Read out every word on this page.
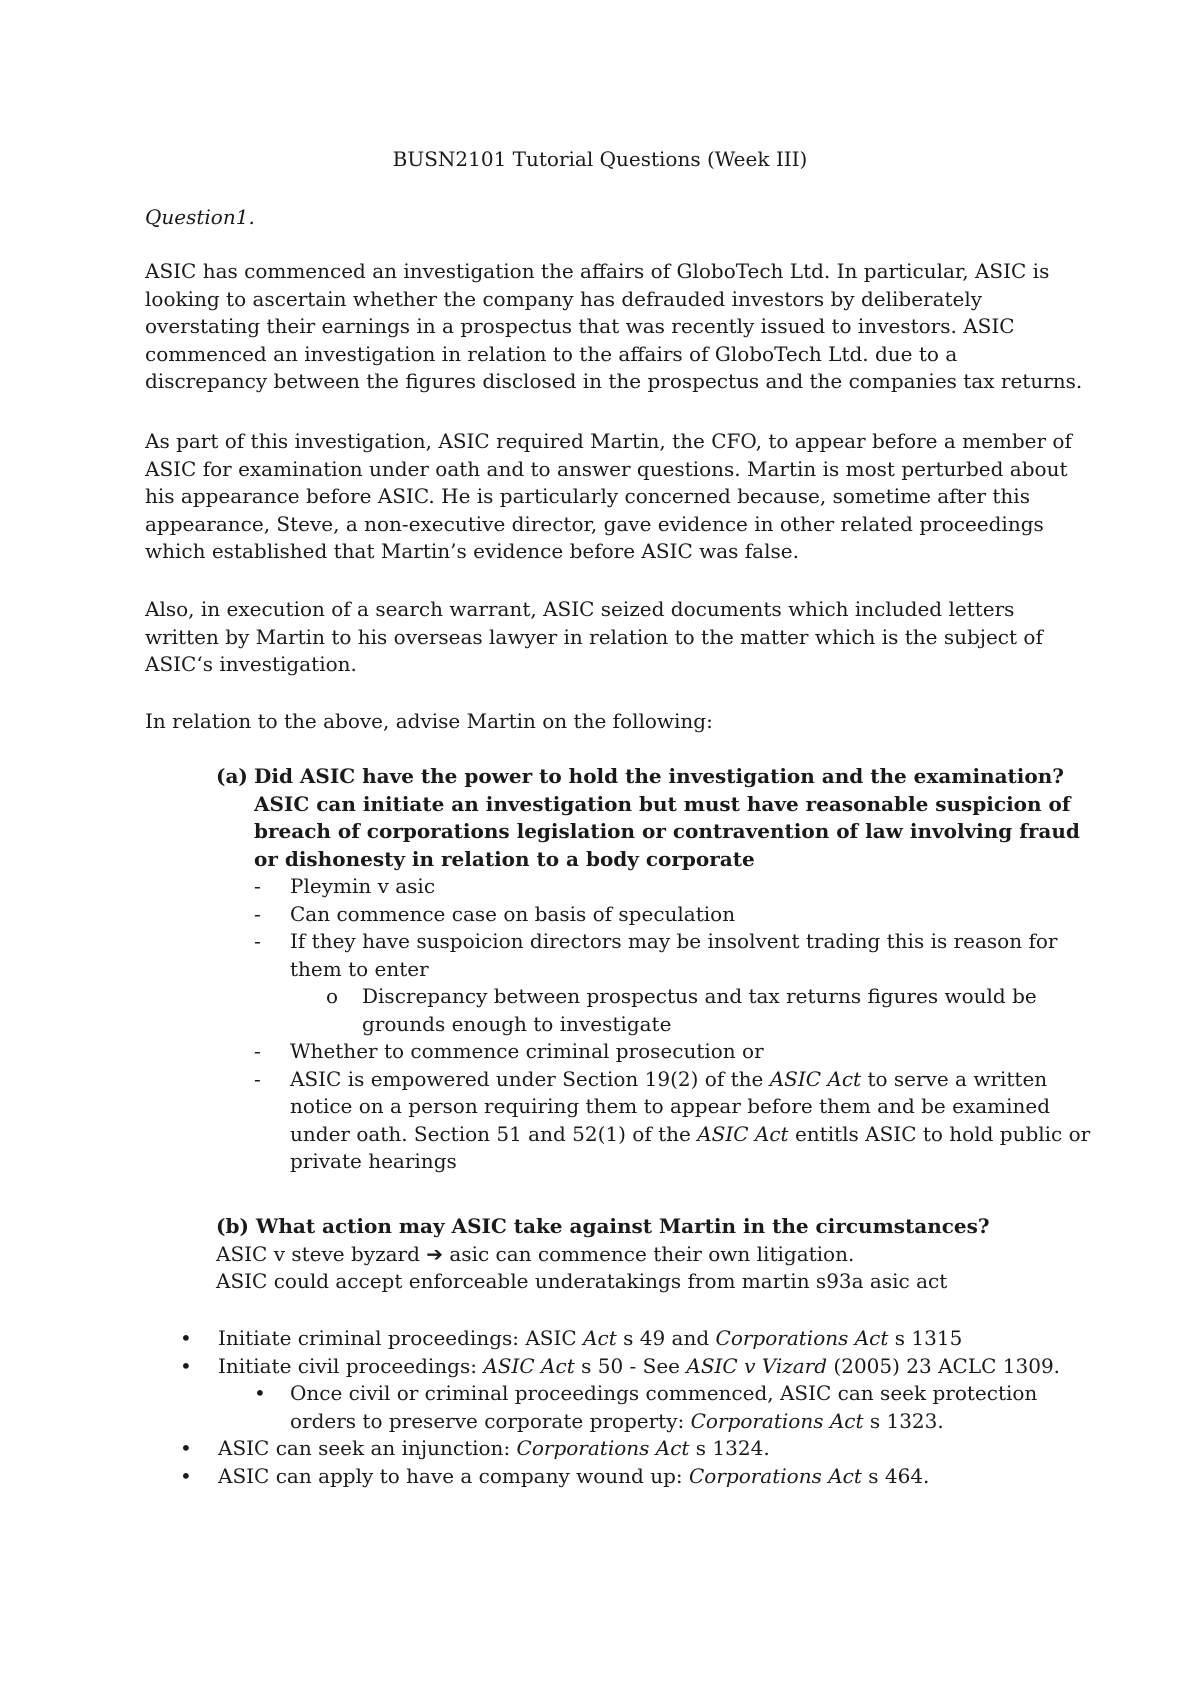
BUSN2101 Tutorial Questions (Week III)
Question1.
ASIC has commenced an investigation the affairs of GloboTech Ltd. In particular, ASIC is looking to ascertain whether the company has defrauded investors by deliberately overstating their earnings in a prospectus that was recently issued to investors. ASIC commenced an investigation in relation to the affairs of GloboTech Ltd. due to a discrepancy between the figures disclosed in the prospectus and the companies tax returns.
As part of this investigation, ASIC required Martin, the CFO, to appear before a member of ASIC for examination under oath and to answer questions. Martin is most perturbed about his appearance before ASIC. He is particularly concerned because, sometime after this appearance, Steve, a non-executive director, gave evidence in other related proceedings which established that Martin’s evidence before ASIC was false.
Also, in execution of a search warrant, ASIC seized documents which included letters written by Martin to his overseas lawyer in relation to the matter which is the subject of ASIC‘s investigation.
In relation to the above, advise Martin on the following:
(a) Did ASIC have the power to hold the investigation and the examination?
ASIC can initiate an investigation but must have reasonable suspicion of breach of corporations legislation or contravention of law involving fraud or dishonesty in relation to a body corporate
- Pleymin v asic
- Can commence case on basis of speculation
- If they have suspoicion directors may be insolvent trading this is reason for them to enter
o Discrepancy between prospectus and tax returns figures would be grounds enough to investigate
- Whether to commence criminal prosecution or
- ASIC is empowered under Section 19(2) of the ASIC Act to serve a written notice on a person requiring them to appear before them and be examined under oath. Section 51 and 52(1) of the ASIC Act entitls ASIC to hold public or private hearings
(b) What action may ASIC take against Martin in the circumstances?
ASIC v steve byzard ➔ asic can commence their own litigation.
ASIC could accept enforceable underatakings from martin s93a asic act
• Initiate criminal proceedings: ASIC Act s 49 and Corporations Act s 1315
• Initiate civil proceedings: ASIC Act s 50 - See ASIC v Vizard (2005) 23 ACLC 1309.
• Once civil or criminal proceedings commenced, ASIC can seek protection orders to preserve corporate property: Corporations Act s 1323.
• ASIC can seek an injunction: Corporations Act s 1324.
• ASIC can apply to have a company wound up: Corporations Act s 464.
